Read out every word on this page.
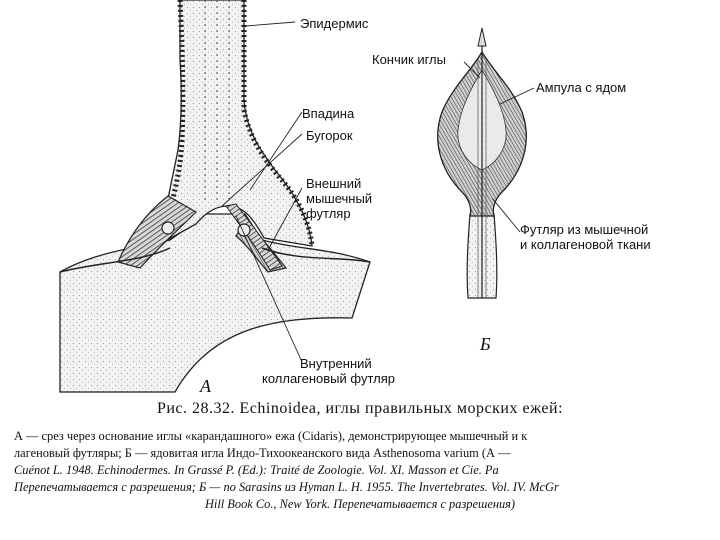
Эпидермис
Впадина
Бугорок
Внешний
мышечный
футляр
Внутренний
коллагеновый футляр
А
Кончик иглы
Ампула с ядом
Футляр из мышечной
и коллагеновой ткани
Б
Рис. 28.32. Echinoidea, иглы правильных морских ежей:

А — срез через основание иглы «карандашного» ежа (Cidaris), демонстрирующее мышечный и к

лагеновый футляры; Б — ядовитая игла Индо-Тихоокеанского вида Asthenosoma varium (А —

Cuénot L. 1948. Echinodermes. In Grassé P. (Ed.): Traité de Zoologie. Vol. XI. Masson et Cie. Pa

Перепечатывается с разрешения; Б — по Sarasins из Hyman L. H. 1955. The Invertebrates. Vol. IV. McGr

Hill Book Co., New York. Перепечатывается с разрешения)
